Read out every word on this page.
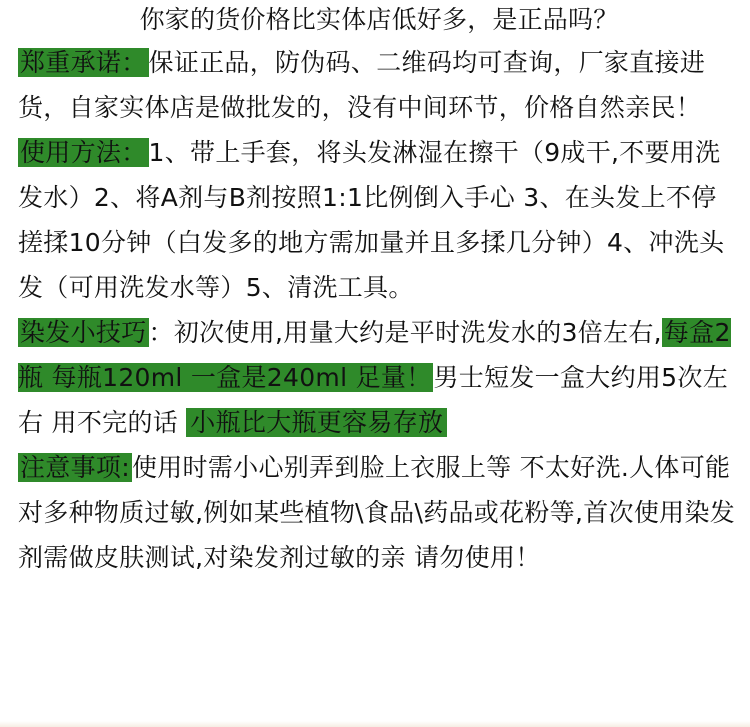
你家的货价格比实体店低好多，是正品吗？

郑重承诺：保证正品，防伪码、二维码均可查询，厂家直接进货，自家实体店是做批发的，没有中间环节，价格自然亲民！

使用方法：1、带上手套，将头发淋湿在擦干（9成干,不要用洗发水）2、将A剂与B剂按照1:1比例倒入手心 3、在头发上不停搓揉10分钟（白发多的地方需加量并且多揉几分钟）4、冲洗头发（可用洗发水等）5、清洗工具。

染发小技巧：初次使用,用量大约是平时洗发水的3倍左右,每盒2瓶 每瓶120ml 一盒是240ml 足量！男士短发一盒大约用5次左右 用不完的话 小瓶比大瓶更容易存放

注意事项:使用时需小心别弄到脸上衣服上等 不太好洗.人体可能对多种物质过敏,例如某些植物\食品\药品或花粉等,首次使用染发剂需做皮肤测试,对染发剂过敏的亲 请勿使用！
